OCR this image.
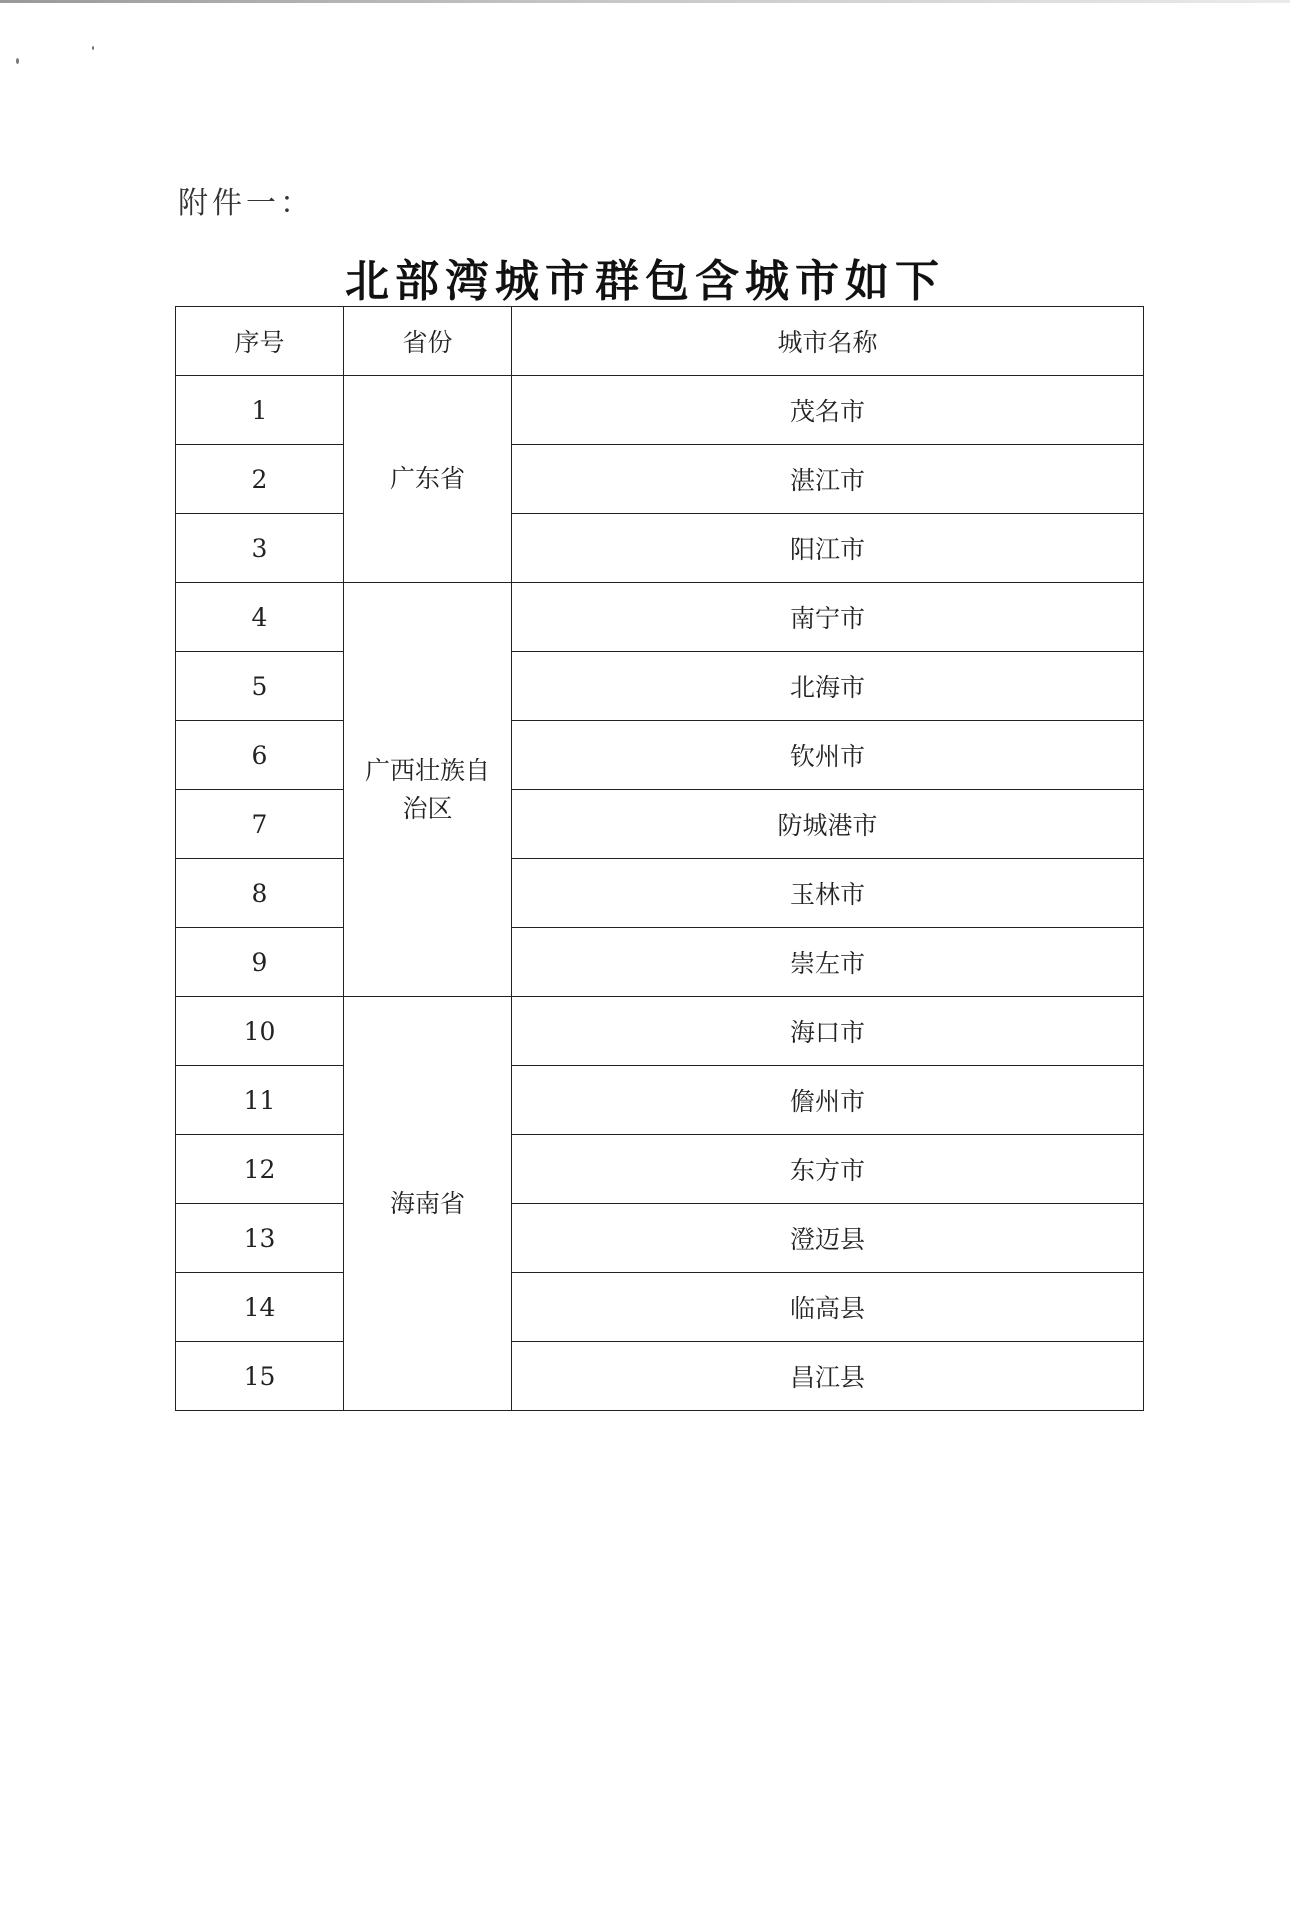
附件一：
北部湾城市群包含城市如下
序号	省份	城市名称
1	广东省	茂名市
2		湛江市
3		阳江市
4	广西壮族自治区	南宁市
5		北海市
6		钦州市
7		防城港市
8		玉林市
9		崇左市
10	海南省	海口市
11		儋州市
12		东方市
13		澄迈县
14		临高县
15		昌江县
